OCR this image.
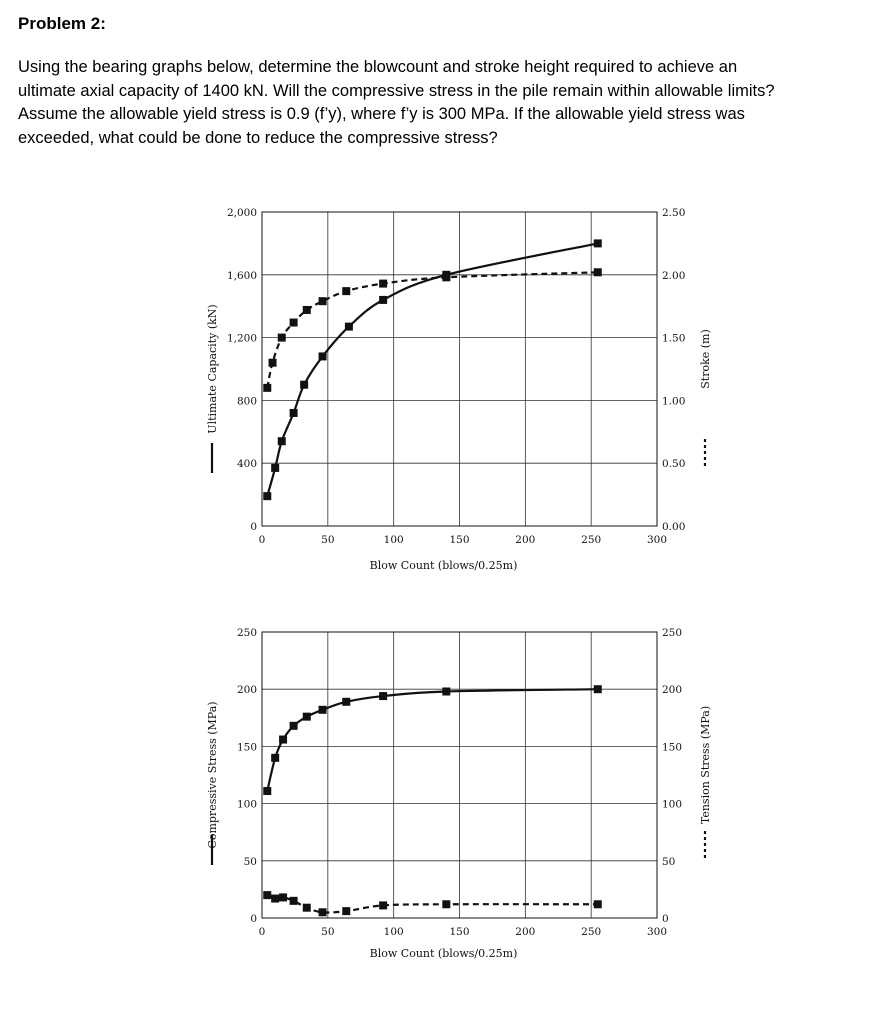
Problem 2:

Using the bearing graphs below, determine the blowcount and stroke height required to achieve an

ultimate axial capacity of 1400 kN. Will the compressive stress in the pile remain within allowable limits?

Assume the allowable yield stress is 0.9 (f’y), where f’y is 300 MPa. If the allowable yield stress was

exceeded, what could be done to reduce the compressive stress?

0	50	100	150	200	250	300
0
400
800
1,200
1,600
2,000
0.00
0.50
1.00
1.50
2.00
2.50
Blow Count (blows/0.25m)
Ultimate Capacity (kN)	Stroke (m)
0	50	100	150	200	250	300
0
50
100
150
200
250
0
50
100
150
200
250
Blow Count (blows/0.25m)
Compressive Stress (MPa)	Tension Stress (MPa)
